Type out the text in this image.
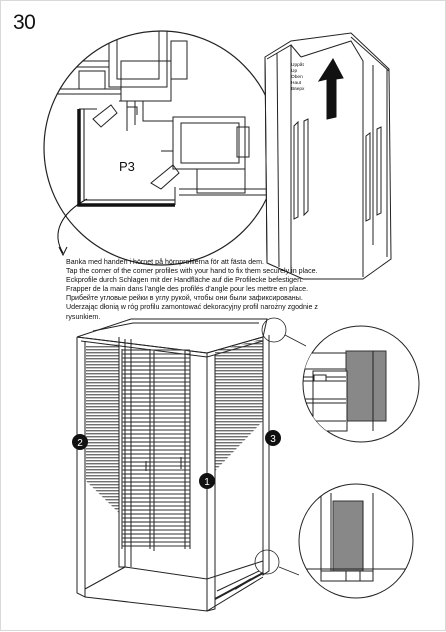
30
P3
1
2	3
Uppåt
Up
Oben
Haut
Вверх
Banka med handen i hörnet på hörnprofilerna för att fästa dem.
Tap the corner of the corner profiles with your hand to fix them securely in place.
Eckprofile durch Schlagen mit der Handfläche auf die Profilecke befestigen.
Frapper de la main dans l'angle des profilés d'angle pour les mettre en place.
Прибейте угловые рейки в углу рукой, чтобы они были зафиксированы.
Uderzając dłonią w róg profilu zamontować dekoracyjny profil narożny zgodnie z
rysunkiem.
